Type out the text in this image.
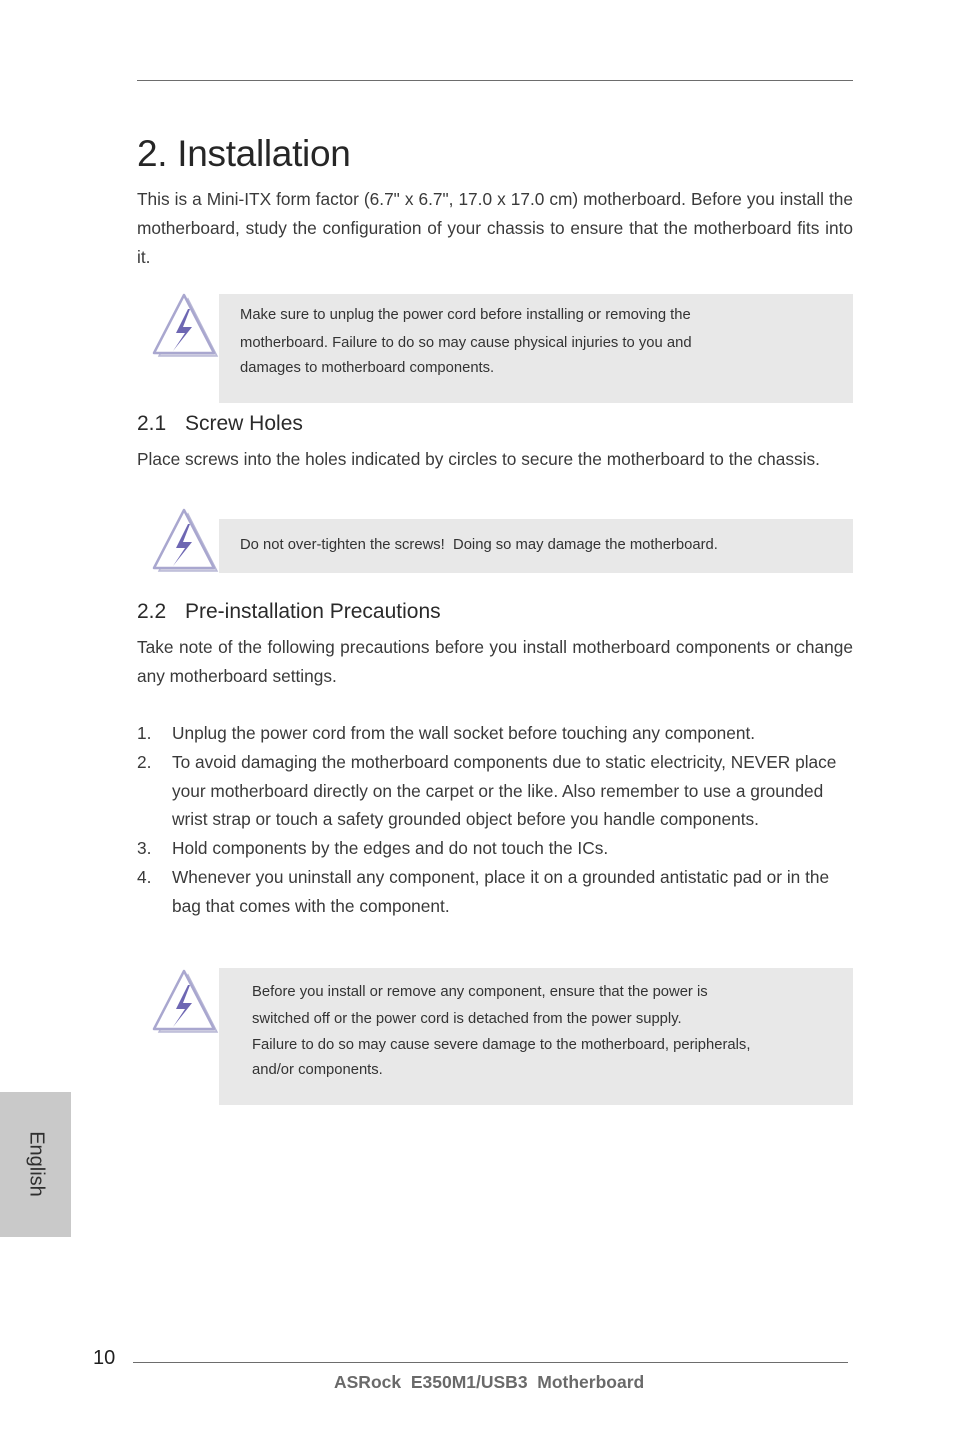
2. Installation

This is a Mini-ITX form factor (6.7" x 6.7", 17.0 x 17.0 cm) motherboard. Before you install the motherboard, study the configuration of your chassis to ensure that the motherboard fits into it.

Make sure to unplug the power cord before installing or removing the

motherboard. Failure to do so may cause physical injuries to you and

damages to motherboard components.

2.1 Screw Holes

Place screws into the holes indicated by circles to secure the motherboard to the chassis.

Do not over-tighten the screws!  Doing so may damage the motherboard.

2.2 Pre-installation Precautions

Take note of the following precautions before you install motherboard components or change any motherboard settings.

1. Unplug the power cord from the wall socket before touching any component.
2. To avoid damaging the motherboard components due to static electricity, NEVER place your motherboard directly on the carpet or the like. Also remember to use a grounded wrist strap or touch a safety grounded object before you handle components.
3. Hold components by the edges and do not touch the ICs.
4. Whenever you uninstall any component, place it on a grounded antistatic pad or in the bag that comes with the component.

Before you install or remove any component, ensure that the power is

switched off or the power cord is detached from the power supply.

Failure to do so may cause severe damage to the motherboard, peripherals,

and/or components.

English
10
ASRock  E350M1/USB3  Motherboard
